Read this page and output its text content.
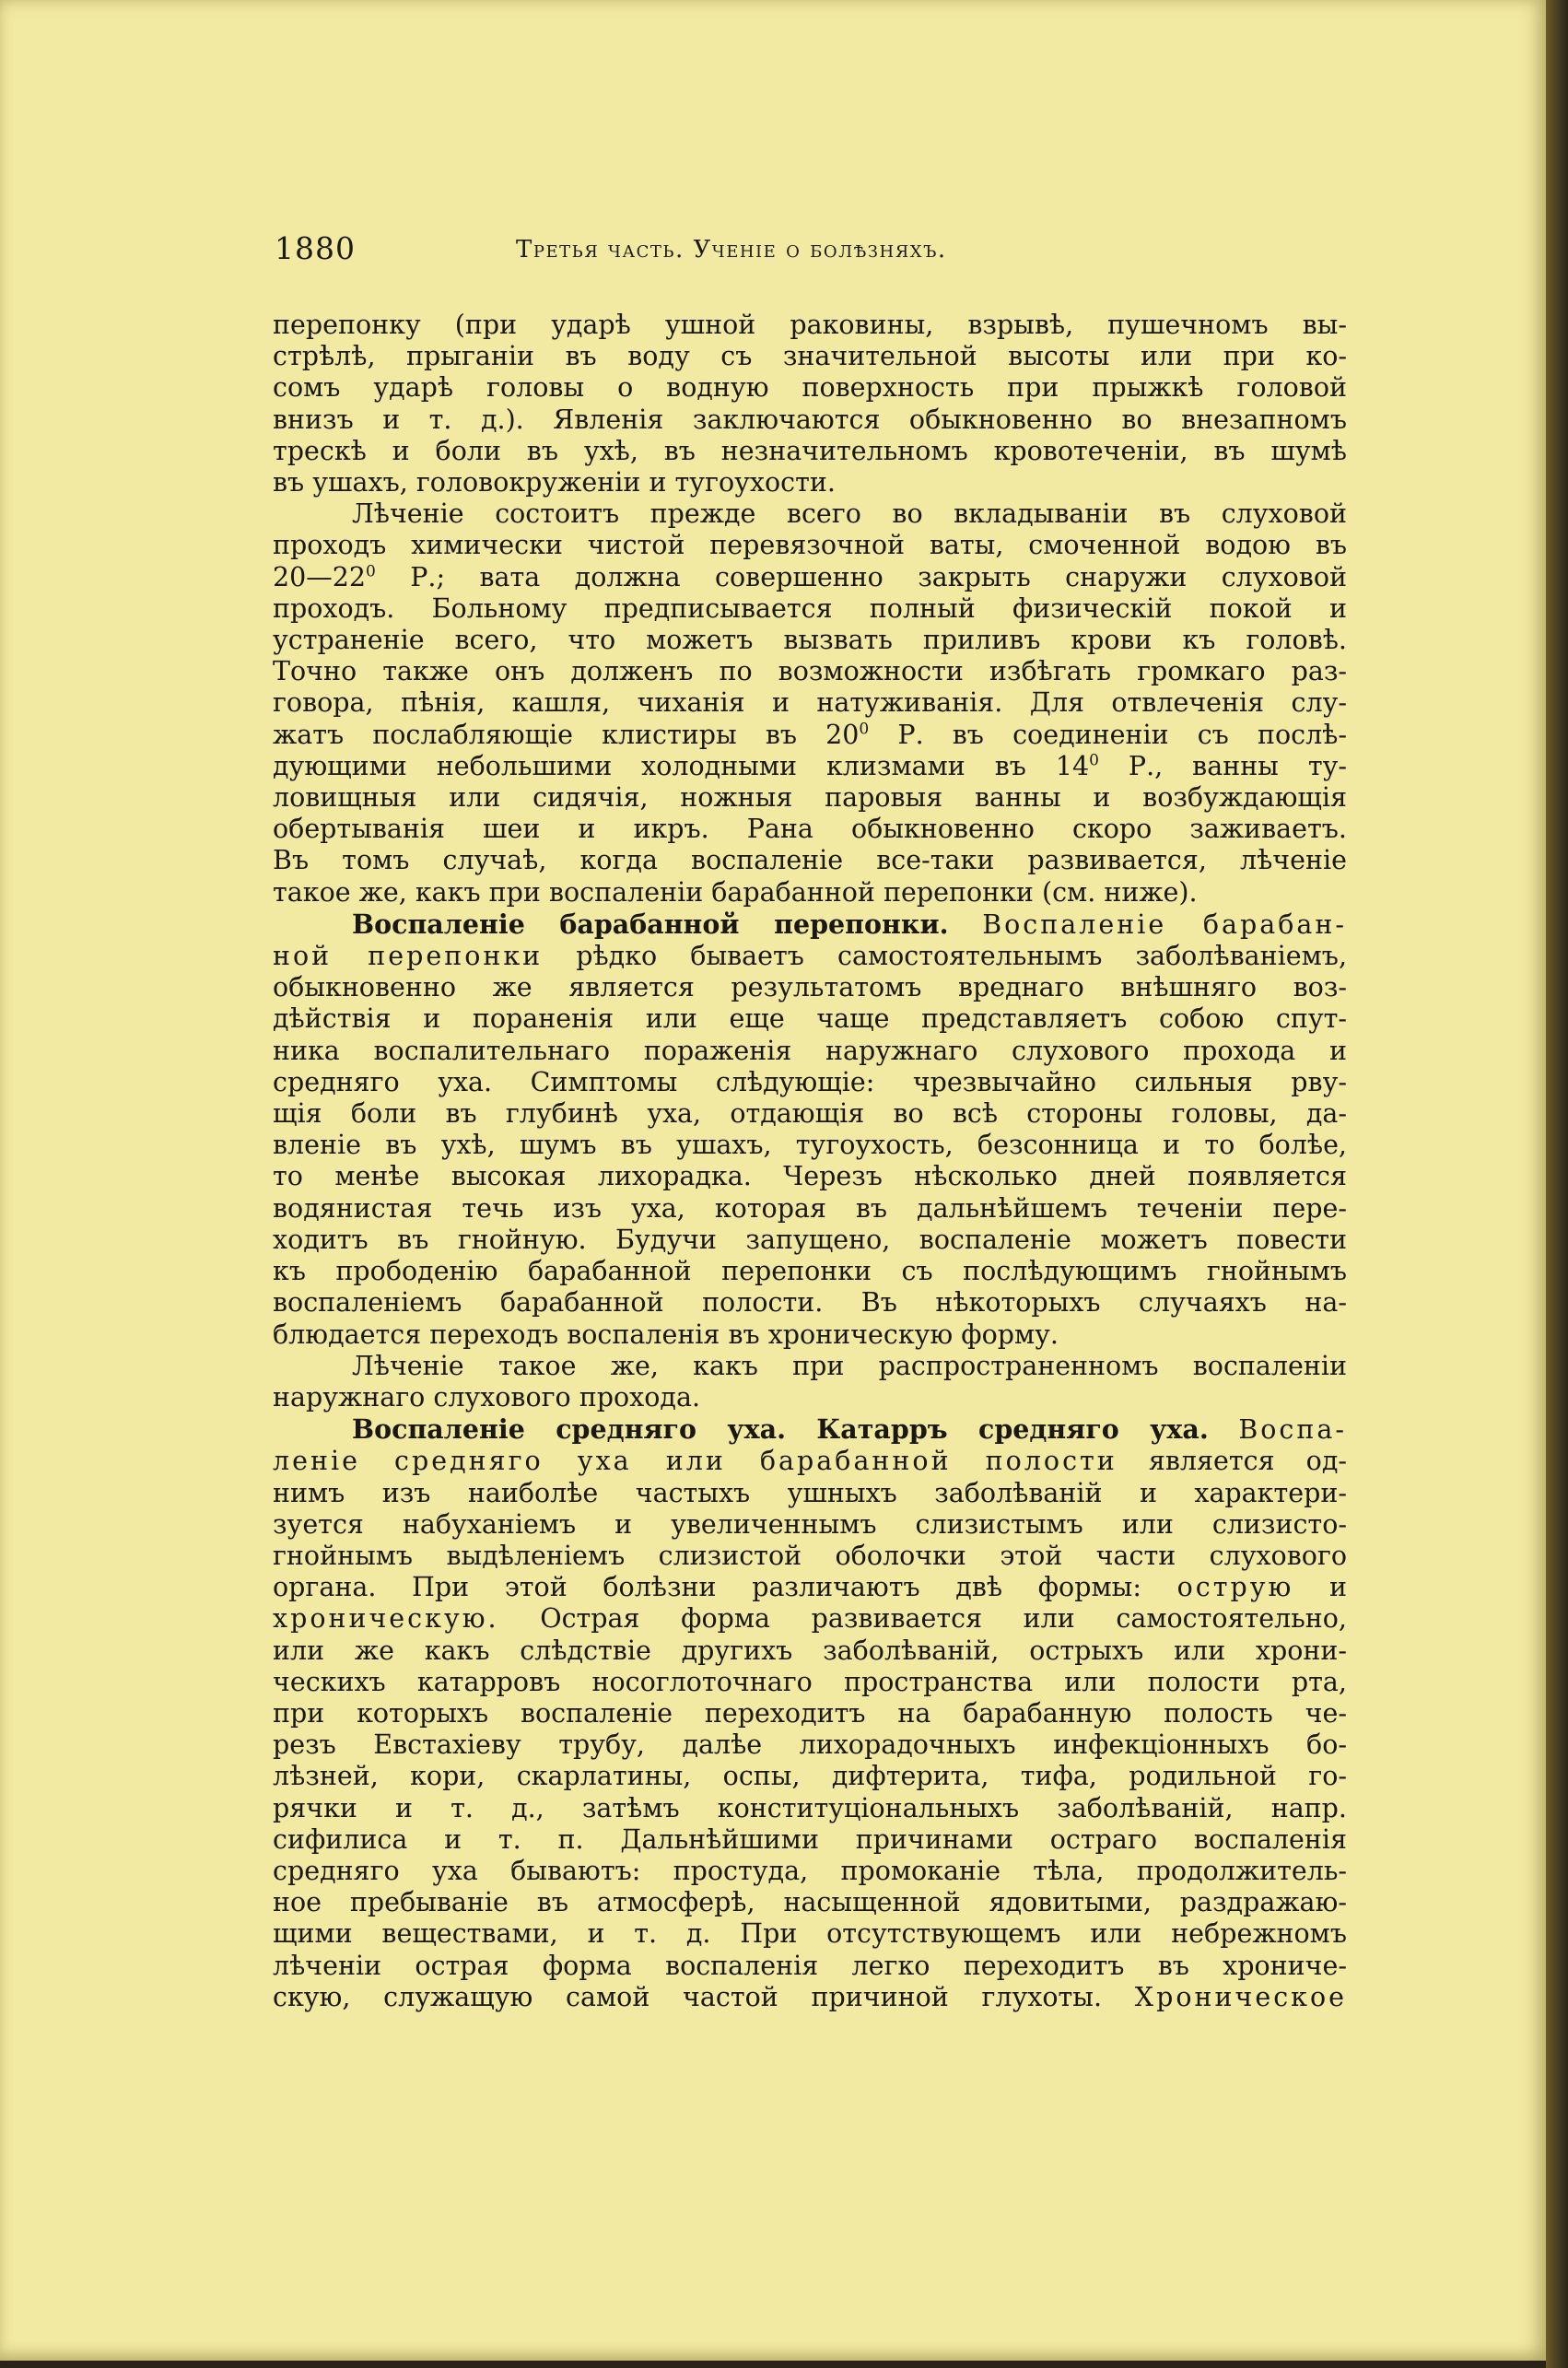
1880	Третья часть. Ученіе о болѣзняхъ.

перепонку (при ударѣ ушной раковины, взрывѣ, пушечномъ вы-
стрѣлѣ, прыганіи въ воду съ значительной высоты или при ко-
сомъ ударѣ головы о водную поверхность при прыжкѣ головой
внизъ и т. д.). Явленія заключаются обыкновенно во внезапномъ
трескѣ и боли въ ухѣ, въ незначительномъ кровотеченіи, въ шумѣ
въ ушахъ, головокруженіи и тугоухости.

Лѣченіе состоитъ прежде всего во вкладываніи въ слуховой
проходъ химически чистой перевязочной ваты, смоченной водою въ
$20—22^0$ Р.; вата должна совершенно закрыть снаружи слуховой
проходъ. Больному предписывается полный физическій покой и
устраненіе всего, что можетъ вызвать приливъ крови къ головѣ.
Точно также онъ долженъ по возможности избѣгать громкаго раз-
говора, пѣнія, кашля, чиханія и натуживанія. Для отвлеченія слу-
жатъ послабляющіе клистиры въ $20^0$ Р. въ соединеніи съ послѣ-
дующими небольшими холодными клизмами въ $14^0$ Р., ванны ту-
ловищныя или сидячія, ножныя паровыя ванны и возбуждающія
обертыванія шеи и икръ. Рана обыкновенно скоро заживаетъ.
Въ томъ случаѣ, когда воспаленіе все-таки развивается, лѣченіе
такое же, какъ при воспаленіи барабанной перепонки (см. ниже).

Воспаленіе барабанной перепонки. Воспаленіе барабан-
ной перепонки рѣдко бываетъ самостоятельнымъ заболѣваніемъ,
обыкновенно же является результатомъ вреднаго внѣшняго воз-
дѣйствія и пораненія или еще чаще представляетъ собою спут-
ника воспалительнаго пораженія наружнаго слухового прохода и
средняго уха. Симптомы слѣдующіе: чрезвычайно сильныя рву-
щія боли въ глубинѣ уха, отдающія во всѣ стороны головы, да-
вленіе въ ухѣ, шумъ въ ушахъ, тугоухость, безсонница и то болѣе,
то менѣе высокая лихорадка. Черезъ нѣсколько дней появляется
водянистая течь изъ уха, которая въ дальнѣйшемъ теченіи пере-
ходитъ въ гнойную. Будучи запущено, воспаленіе можетъ повести
къ прободенію барабанной перепонки съ послѣдующимъ гнойнымъ
воспаленіемъ барабанной полости. Въ нѣкоторыхъ случаяхъ на-
блюдается переходъ воспаленія въ хроническую форму.

Лѣченіе такое же, какъ при распространенномъ воспаленіи
наружнаго слухового прохода.

Воспаленіе средняго уха. Катарръ средняго уха. Воспа-
леніе средняго уха или барабанной полости является од-
нимъ изъ наиболѣе частыхъ ушныхъ заболѣваній и характери-
зуется набуханіемъ и увеличеннымъ слизистымъ или слизисто-
гнойнымъ выдѣленіемъ слизистой оболочки этой части слухового
органа. При этой болѣзни различаютъ двѣ формы: острую и
хроническую. Острая форма развивается или самостоятельно,
или же какъ слѣдствіе другихъ заболѣваній, острыхъ или хрони-
ческихъ катарровъ носоглоточнаго пространства или полости рта,
при которыхъ воспаленіе переходитъ на барабанную полость че-
резъ Евстахіеву трубу, далѣе лихорадочныхъ инфекціонныхъ бо-
лѣзней, кори, скарлатины, оспы, дифтерита, тифа, родильной го-
рячки и т. д., затѣмъ конституціональныхъ заболѣваній, напр.
сифилиса и т. п. Дальнѣйшими причинами остраго воспаленія
средняго уха бываютъ: простуда, промоканіе тѣла, продолжитель-
ное пребываніе въ атмосферѣ, насыщенной ядовитыми, раздражаю-
щими веществами, и т. д. При отсутствующемъ или небрежномъ
лѣченіи острая форма воспаленія легко переходитъ въ хрониче-
скую, служащую самой частой причиной глухоты. Хроническое
